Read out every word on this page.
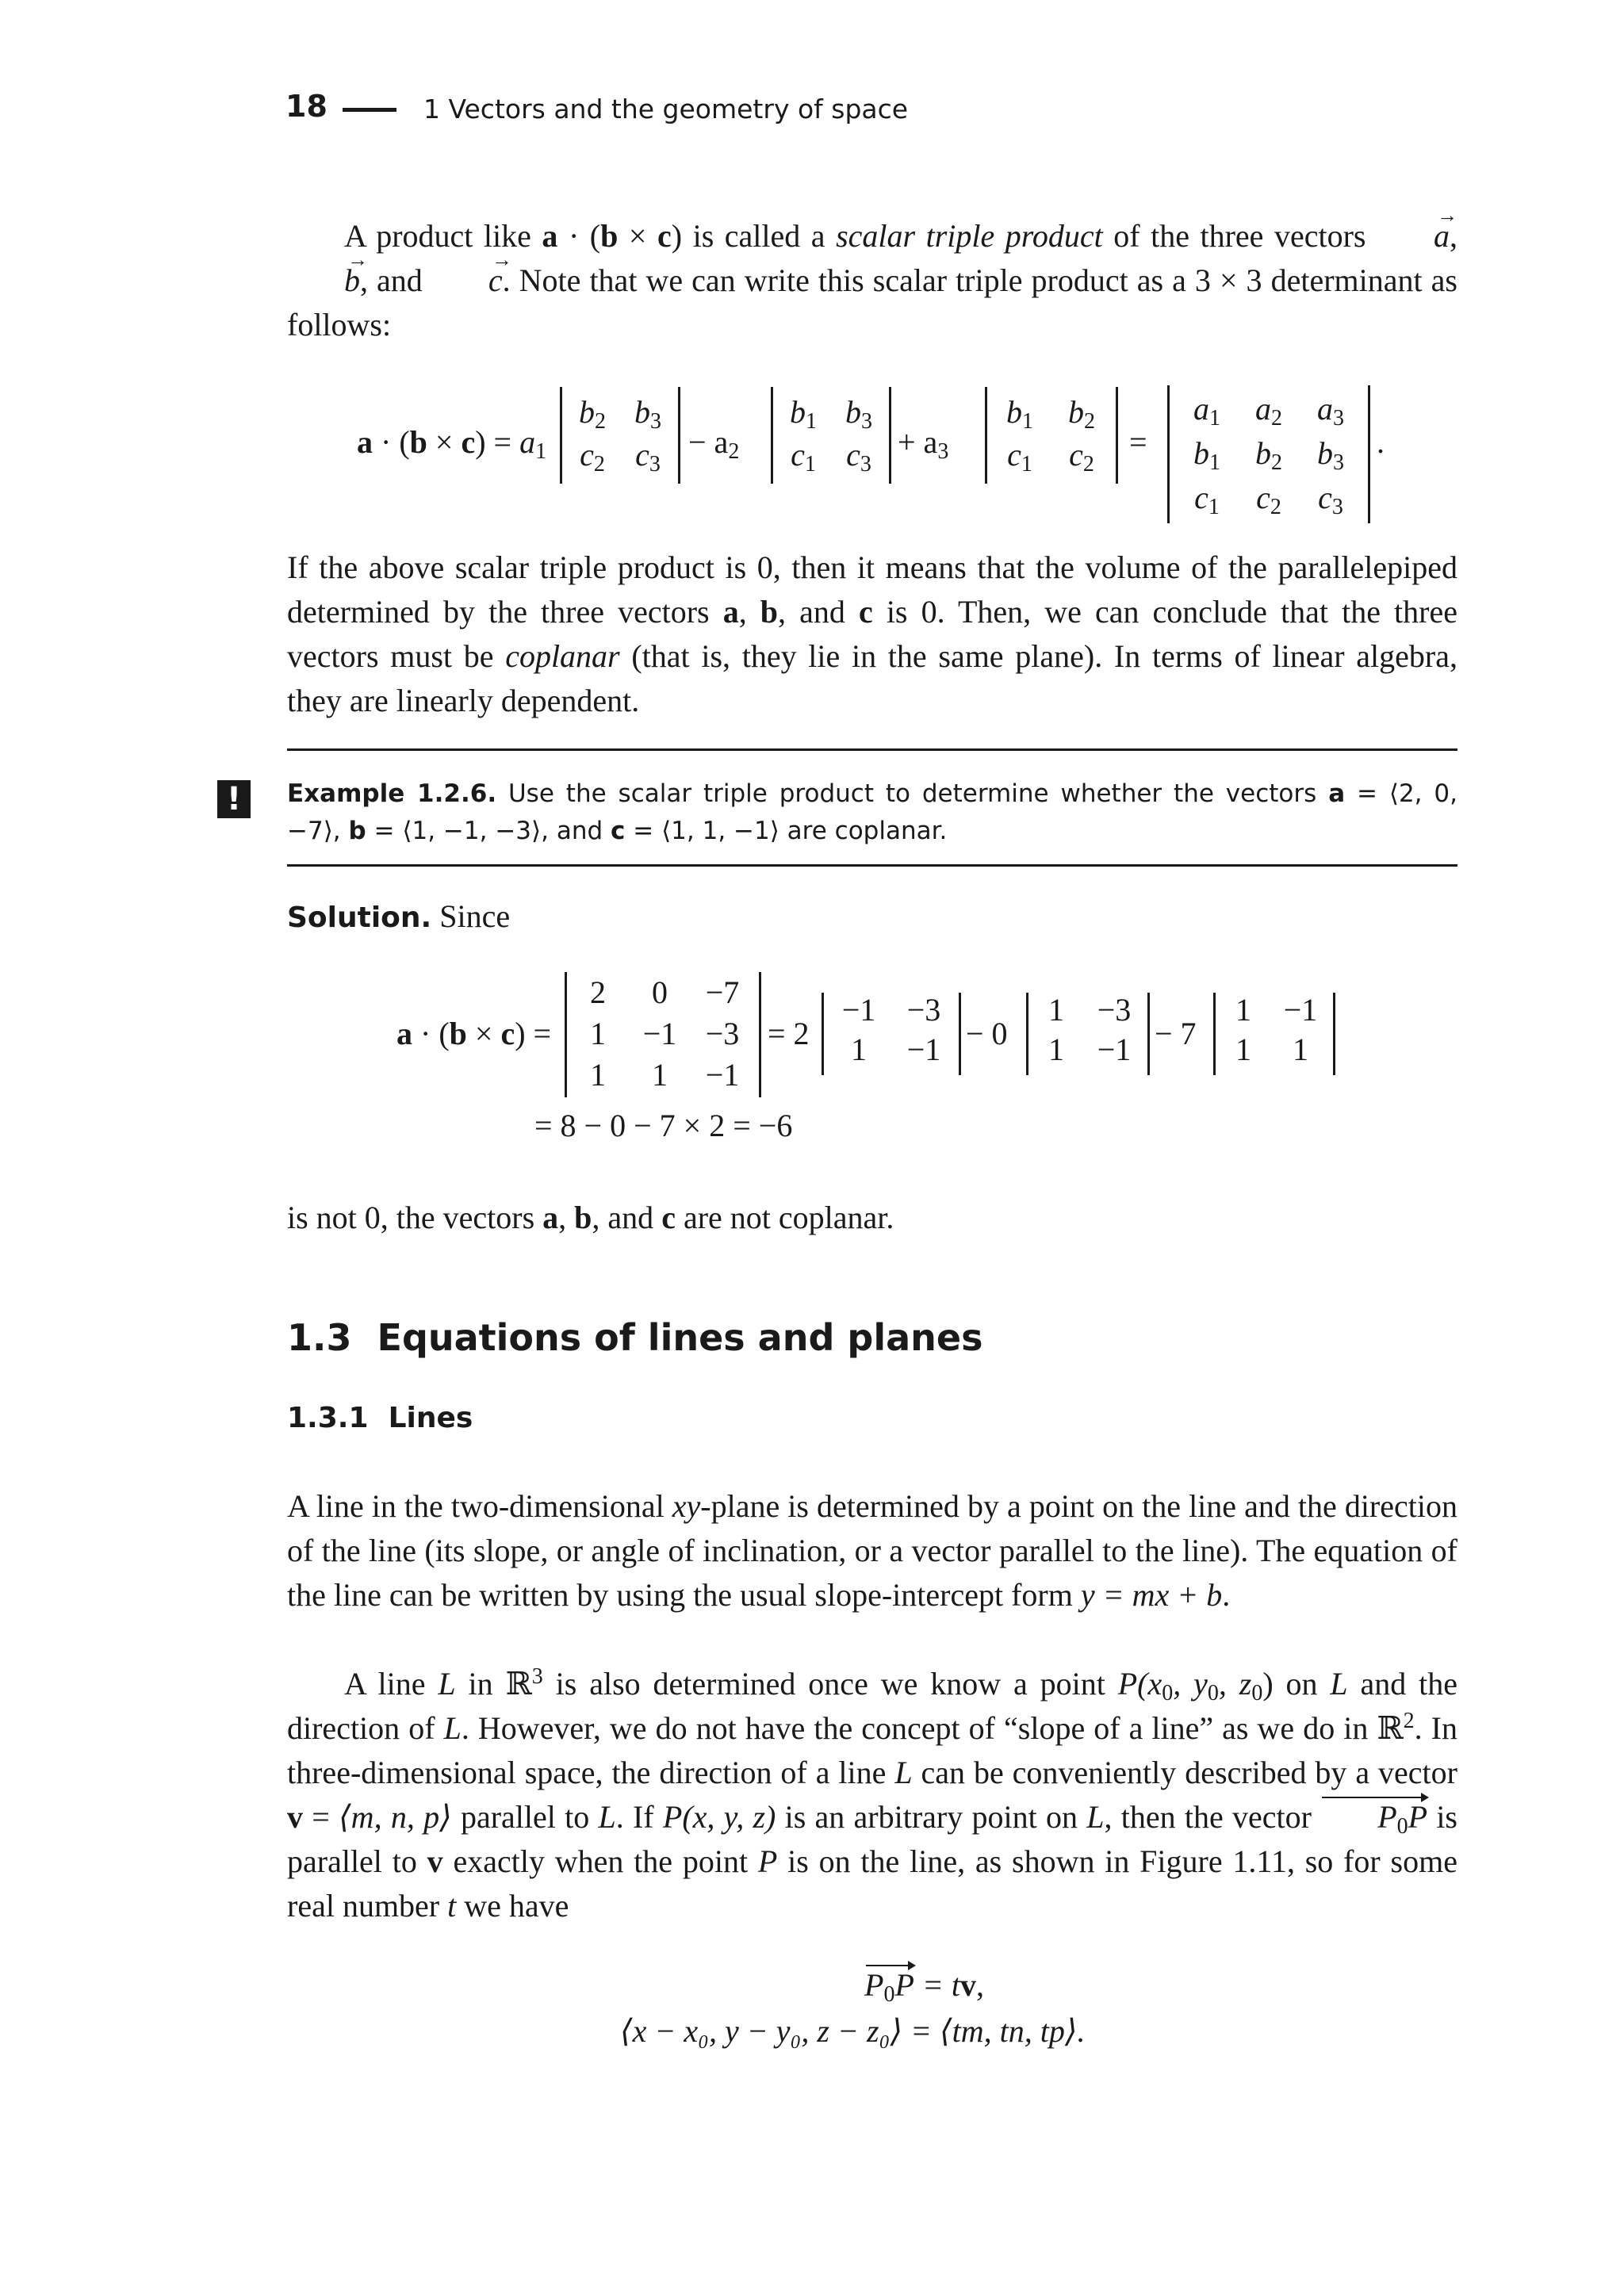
18	1 Vectors and the geometry of space

A product like a · (b × c) is called a scalar triple product of the three vectors a →, b →, and c →. Note that we can write this scalar triple product as a 3 × 3 determinant as follows:

$a \cdot (b \times c) = a_1$
$b_2$ $b_3$
$c_2$ $c_3$
− $a_2$
$b_1$ $b_3$
$c_1$ $c_3$
+ $a_3$
$b_1$	$b_2$
$c_1$	$c_2$
=
$a_1$	$a_2$	$a_3$
$b_1$	$b_2$	$b_3$
$c_1$	$c_2$	$c_3$
.

If the above scalar triple product is 0, then it means that the volume of the parallelepiped determined by the three vectors a, b, and c is 0. Then, we can conclude that the three vectors must be coplanar (that is, they lie in the same plane). In terms of linear algebra, they are linearly dependent.

!	Example 1.2.6. Use the scalar triple product to determine whether the vectors a = ⟨2, 0, −7⟩, b = ⟨1, −1, −3⟩, and c = ⟨1, 1, −1⟩ are coplanar.

Solution. Since
a · (b × c) =
2	0	−7
1	−1 −3
1	1	−1
= 2
−1 −3
1	−1 − 0
1	−3
1	−1 − 7
1	−1
1	1
= 8 − 0 − 7 × 2 = −6

is not 0, the vectors a, b, and c are not coplanar.

1.3 Equations of lines and planes
1.3.1 Lines

A line in the two-dimensional xy-plane is determined by a point on the line and the direction of the line (its slope, or angle of inclination, or a vector parallel to the line). The equation of the line can be written by using the usual slope-intercept form y = mx + b.

A line L in ℝ$^3$ is also determined once we know a point $P(x_0$, $y_0$, $z_0$) on L and the direction of L. However, we do not have the concept of “slope of a line” as we do in ℝ$^2$. In three-dimensional space, the direction of a line L can be conveniently described by a vector v = ⟨m, n, p⟩ parallel to L. If P(x, y, z) is an arbitrary point on L, then the vector $P_0P$ is parallel to v exactly when the point P is on the line, as shown in Figure 1.11, so for some real number t we have

$P_0P$ = tv,
⟨x − x₀, y − y₀, z − z₀⟩ = ⟨tm, tn, tp⟩.
